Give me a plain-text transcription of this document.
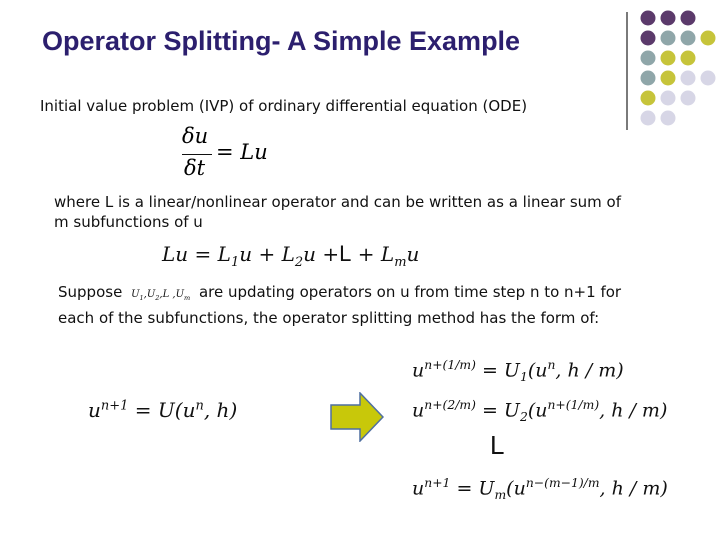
Operator Splitting- A Simple Example
Initial value problem (IVP) of ordinary differential equation (ODE)
δu
δt
= Lu
where L is a linear/nonlinear operator and can be written as a linear sum of m subfunctions of u
$Lu = L_1u + L_2u +L + L_mu$
Suppose $U_1,U_2,L$ $,U_m$ are updating operators on u from time step n to n+1 for each of the subfunctions, the operator splitting method has the form of:
$u^{n+1} = U(u^n$, h)
$u^{n+(1/m)} = U_1(u^n$, h / m)
$u^{n+(2/m)} = U_2(u^{n+(1/m)}$, h / m)
L
$u^{n+1} = U_m(u^{n-(m-1)/m}$, h / m)
